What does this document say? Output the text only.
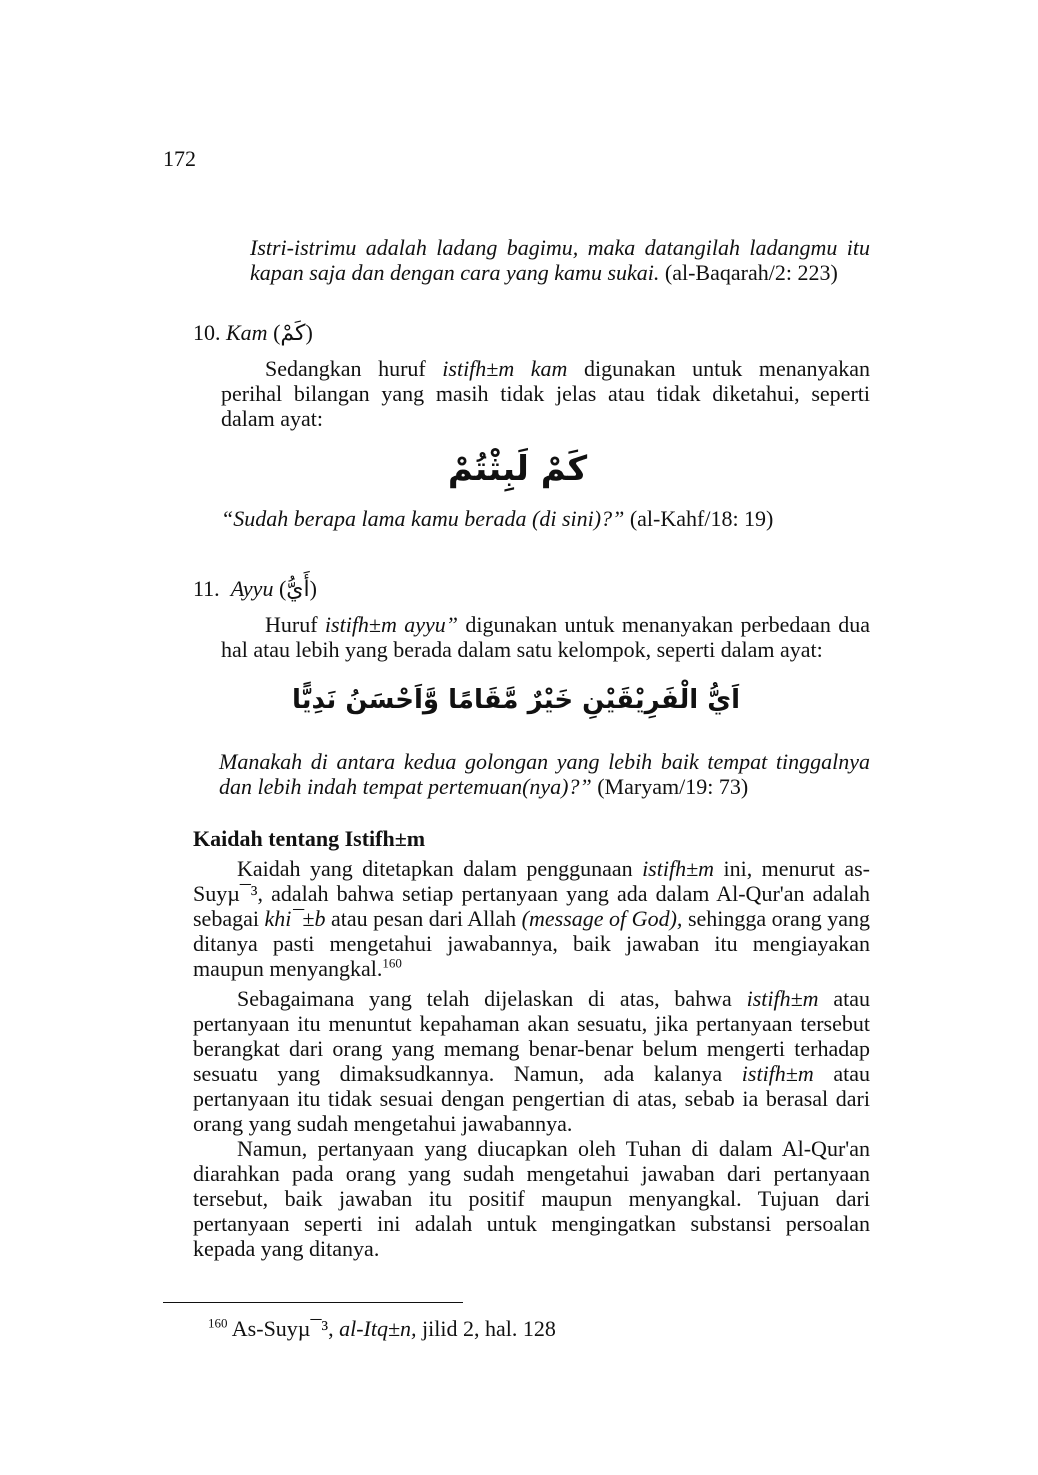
172

Istri-istrimu adalah ladang bagimu, maka datangilah ladangmu itu kapan saja dan dengan cara yang kamu sukai. (al-Baqarah/2: 223)

10. Kam (كَمْ)

Sedangkan huruf istifh±m kam digunakan untuk menanyakan perihal bilangan yang masih tidak jelas atau tidak diketahui, seperti dalam ayat:

كَمْ لَبِثْتُمْ

“Sudah berapa lama kamu berada (di sini)?” (al-Kahf/18: 19)

11. Ayyu (أَيُّ)

Huruf istifh±m ayyu” digunakan untuk menanyakan perbedaan dua hal atau lebih yang berada dalam satu kelompok, seperti dalam ayat:

اَيُّ الْفَرِيْقَيْنِ خَيْرٌ مَّقَامًا وَّاَحْسَنُ نَدِيًّا

Manakah di antara kedua golongan yang lebih baik tempat tinggalnya dan lebih indah tempat pertemuan(nya)?” (Maryam/19: 73)

Kaidah tentang Istifh±m

Kaidah yang ditetapkan dalam penggunaan istifh±m ini, menurut as-Suyµ¯³, adalah bahwa setiap pertanyaan yang ada dalam Al-Qur'an adalah sebagai khi¯±b atau pesan dari Allah (message of God), sehingga orang yang ditanya pasti mengetahui jawabannya, baik jawaban itu mengiayakan maupun menyangkal.$^{160}$

Sebagaimana yang telah dijelaskan di atas, bahwa istifh±m atau pertanyaan itu menuntut kepahaman akan sesuatu, jika pertanyaan tersebut berangkat dari orang yang memang benar-benar belum mengerti terhadap sesuatu yang dimaksudkannya. Namun, ada kalanya istifh±m atau pertanyaan itu tidak sesuai dengan pengertian di atas, sebab ia berasal dari orang yang sudah mengetahui jawabannya.

Namun, pertanyaan yang diucapkan oleh Tuhan di dalam Al-Qur'an diarahkan pada orang yang sudah mengetahui jawaban dari pertanyaan tersebut, baik jawaban itu positif maupun menyangkal. Tujuan dari pertanyaan seperti ini adalah untuk mengingatkan substansi persoalan kepada yang ditanya.

$^{160}$ As-Suyµ¯³, al-Itq±n, jilid 2, hal. 128
